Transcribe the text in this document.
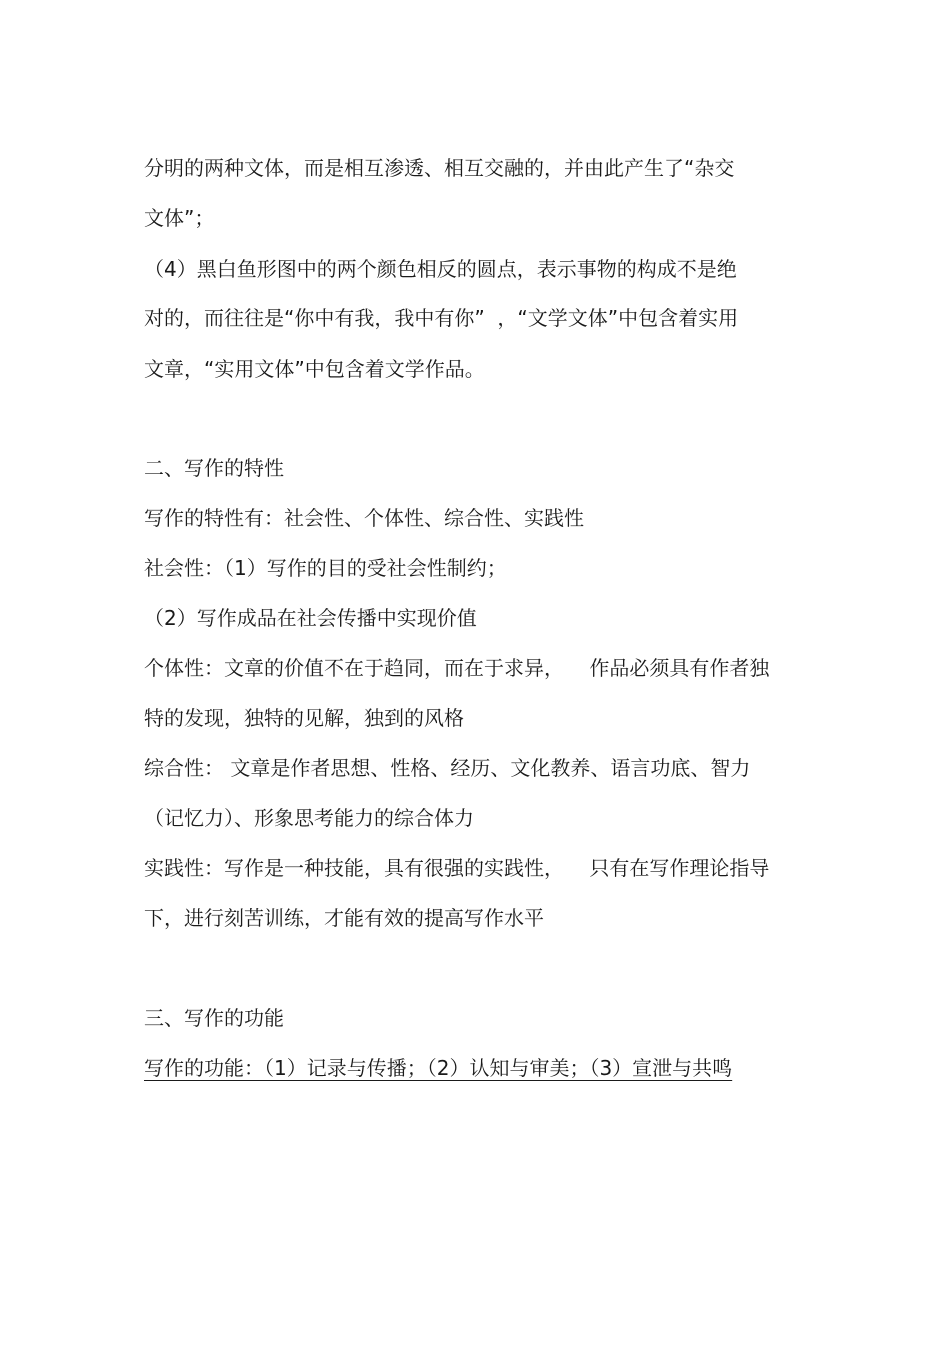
分明的两种文体，而是相互渗透、相互交融的，并由此产生了“杂交
文体”；
（4）黑白鱼形图中的两个颜色相反的圆点，表示事物的构成不是绝
对的，而往往是“你中有我，我中有你”  ，“文学文体”中包含着实用
文章，“实用文体”中包含着文学作品。
二、写作的特性
写作的特性有：社会性、个体性、综合性、实践性
社会性：（1）写作的目的受社会性制约；
（2）写作成品在社会传播中实现价值
个体性：文章的价值不在于趋同，而在于求异，    作品必须具有作者独
特的发现，独特的见解，独到的风格
综合性： 文章是作者思想、性格、经历、文化教养、语言功底、智力
（记忆力）、形象思考能力的综合体力
实践性：写作是一种技能，具有很强的实践性，    只有在写作理论指导
下，进行刻苦训练，才能有效的提高写作水平
三、写作的功能
写作的功能：（1）记录与传播；（2）认知与审美；（3）宣泄与共鸣
